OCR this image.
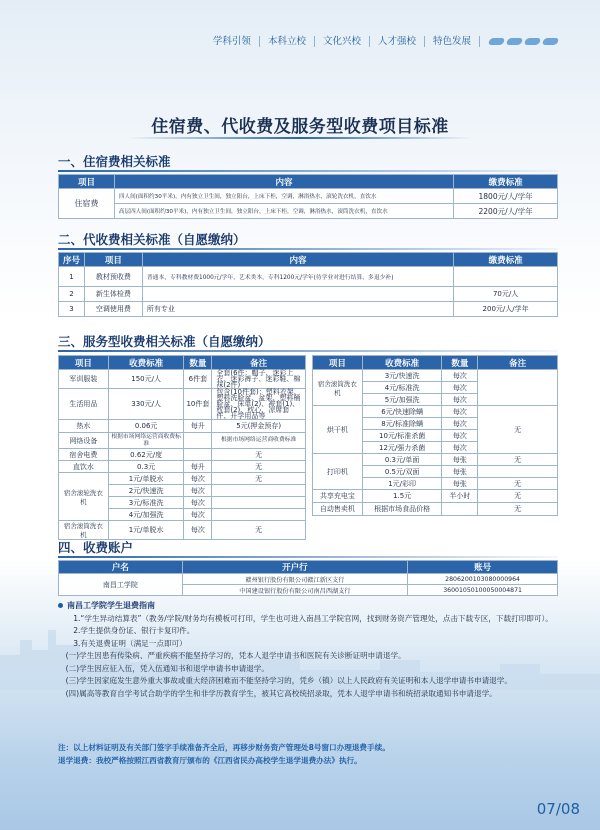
学科引领	本科立校	文化兴校	人才强校	特色发展
住宿费、代收费及服务型收费项目标准
一、住宿费相关标准
项目	内容	缴费标准
住宿费	四人间(面积约30平米)，内有独立卫生间，独立阳台，上床下柜，空调，淋浴热水，滚轮洗衣机，直饮水	1800元/人/学年
	高层四人间(面积约30平米)，内有独立卫生间，独立阳台，上床下柜，空调，淋浴热水，滚筒洗衣机，直饮水	2200元/人/学年
二、代收费相关标准（自愿缴纳）
序号	项目	内容	缴费标准
1	教材预收费	普通本，专科教材费1000元/学年，艺术类本，专科1200元/学年(待学业对进行结算，多退少补)	
2	新生体检费		70元/人
3	空调使用费	所有专业	200元/人/学年
三、服务型收费相关标准（自愿缴纳）
项目	收费标准	数量	备注
军训服装	150元/人	6件套	全套(6件：帽子、迷彩上衣、迷彩裤子、迷彩鞋、棉袜(2件)
生活用品	330元/人	10件套	包含(10件套)：塑料衣架、塑料洗脸盆、盆架、塑料桶脸盆、床单(2)、被套(1)、枕套(2)、枕心、凉席套件、开学用品等
热水	0.06元	每升	5元(押金预存)
网络设备	根据市场网络运营商收费标准		根据市场网络运营商收费标准
宿舍电费	0.62元/度		无
直饮水	0.3元	每升	无
宿舍滚轮洗衣机	1元/单脱水	每次	无
	2元/快速洗	每次	
	3元/标准洗	每次	
	4元/加强洗	每次	
宿舍滚筒洗衣机	1元/单脱水	每次	无
项目	收费标准	数量	备注
宿舍滚筒洗衣机	3元/快速洗	每次	
	4元/标准洗	每次	
	5元/加强洗	每次	
烘干机	6元/快速除螨	每次	无
	8元/标准除螨	每次	
	10元/标准杀菌	每次	
	12元/强力杀菌	每次	
打印机	0.3元/单面	每张	无
	0.5元/双面	每张	
	1元/彩印	每张	无
共享充电宝	1.5元	半小时	无
自动售卖机	根据市场食品价格		无
四、收费账户
户名	开户行	账号
南昌工学院	赣州银行股份有限公司赣江新区支行	2806200103080000964
	中国建设银行股份有限公司南昌西湖支行	36001050100050004871

南昌工学院学生退费指南

1.“学生异动结算表”（教务/学院/财务均有模板可打印，学生也可进入南昌工学院官网，找到财务资产管理处，点击下载专区，下载打印即可）。

2.学生提供身份证、银行卡复印件。

3.有关退费证明（满足一点即可）

(一)学生因患有传染病、严重疾病不能坚持学习的，凭本人退学申请书和医院有关诊断证明申请退学。

(二)学生因应征入伍，凭入伍通知书和退学申请书申请退学。

(三)学生因家庭发生意外重大事故或重大经济困难而不能坚持学习的，凭乡（镇）以上人民政府有关证明和本人退学申请书申请退学。

(四)属高等教育自学考试合助学的学生和非学历教育学生，被其它高校统招录取，凭本人退学申请书和统招录取通知书申请退学。

注：以上材料证明及有关部门签字手续准备齐全后，再移步财务资产管理处8号窗口办理退费手续。

退学退费：我校严格按照江西省教育厅颁布的《江西省民办高校学生退学退费办法》执行。

07/08
